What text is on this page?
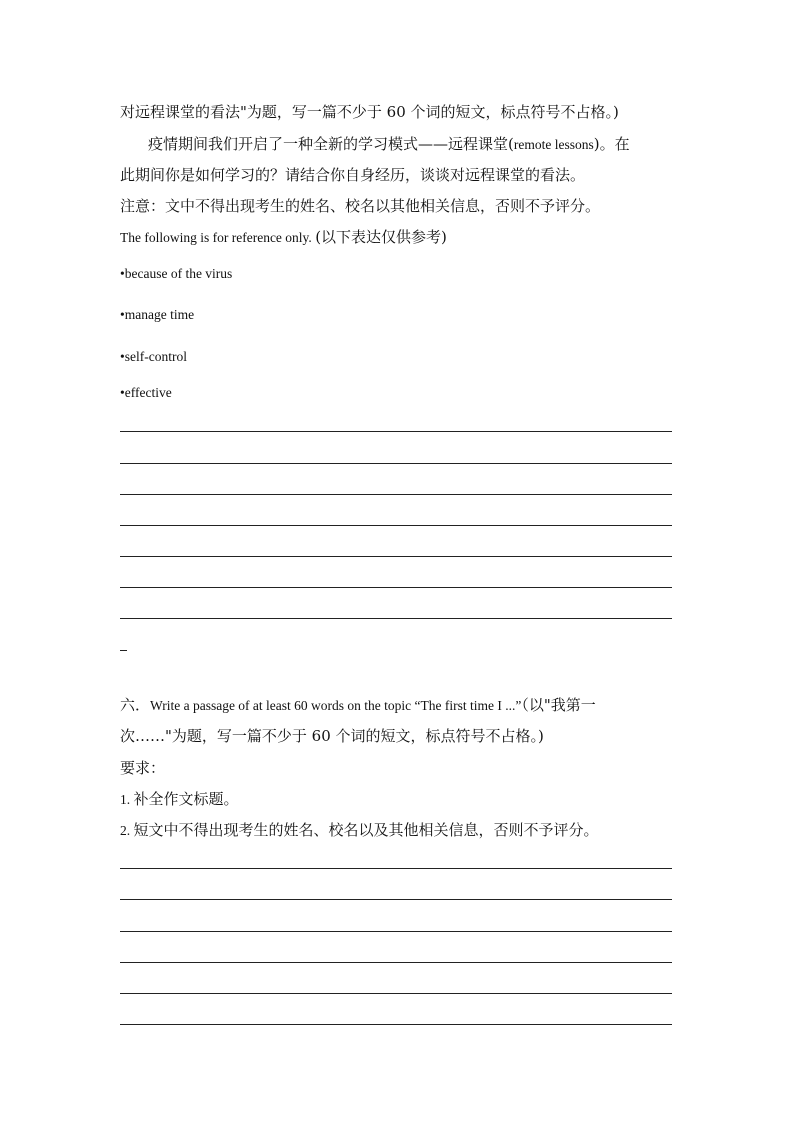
对远程课堂的看法"为题，写一篇不少于 60 个词的短文，标点符号不占格。)
疫情期间我们开启了一种全新的学习模式——远程课堂(remote lessons)。在
此期间你是如何学习的？请结合你自身经历，谈谈对远程课堂的看法。
注意：文中不得出现考生的姓名、校名以其他相关信息，否则不予评分。
The following is for reference only. (以下表达仅供参考)
•because of the virus
•manage time
•self-control
•effective
六．Write a passage of at least 60 words on the topic “The first time I ...”（以"我第一
次……"为题，写一篇不少于 60 个词的短文，标点符号不占格。)
要求：
1. 补全作文标题。
2. 短文中不得出现考生的姓名、校名以及其他相关信息，否则不予评分。
